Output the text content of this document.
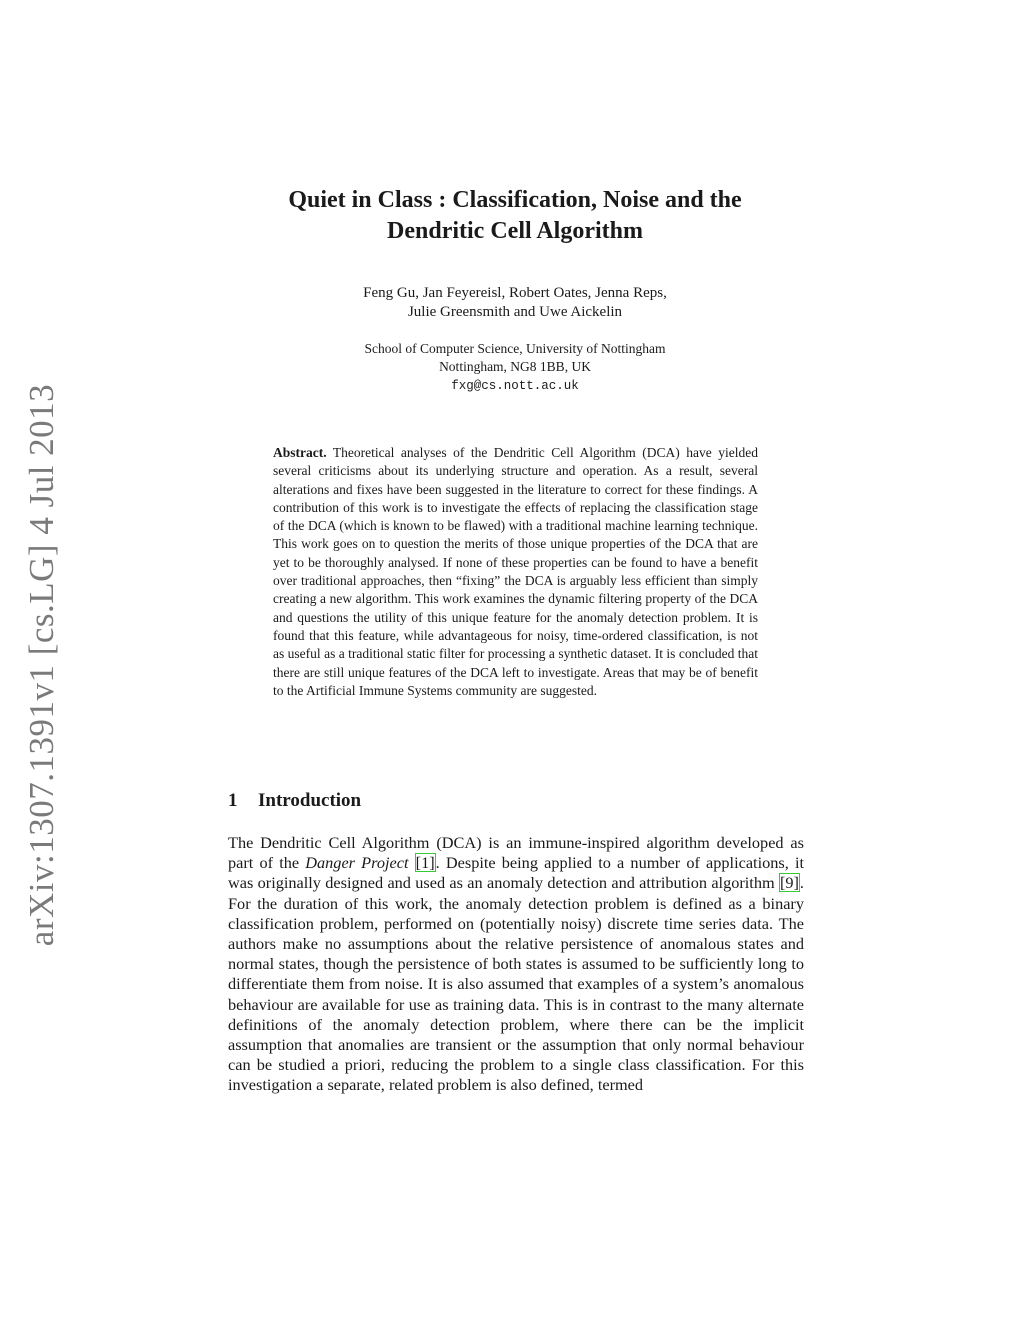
arXiv:1307.1391v1 [cs.LG] 4 Jul 2013
Quiet in Class : Classification, Noise and the
Dendritic Cell Algorithm

Feng Gu, Jan Feyereisl, Robert Oates, Jenna Reps,
Julie Greensmith and Uwe Aickelin

School of Computer Science, University of Nottingham
Nottingham, NG8 1BB, UK
fxg@cs.nott.ac.uk

Abstract. Theoretical analyses of the Dendritic Cell Algorithm (DCA) have yielded several criticisms about its underlying structure and operation. As a result, several alterations and fixes have been suggested in the literature to correct for these findings. A contribution of this work is to investigate the effects of replacing the classification stage of the DCA (which is known to be flawed) with a traditional machine learning technique. This work goes on to question the merits of those unique properties of the DCA that are yet to be thoroughly analysed. If none of these properties can be found to have a benefit over traditional approaches, then “fixing” the DCA is arguably less efficient than simply creating a new algorithm. This work examines the dynamic filtering property of the DCA and questions the utility of this unique feature for the anomaly detection problem. It is found that this feature, while advantageous for noisy, time-ordered classification, is not as useful as a traditional static filter for processing a synthetic dataset. It is concluded that there are still unique features of the DCA left to investigate. Areas that may be of benefit to the Artificial Immune Systems community are suggested.

1 Introduction

The Dendritic Cell Algorithm (DCA) is an immune-inspired algorithm developed as part of the Danger Project [1]. Despite being applied to a number of applications, it was originally designed and used as an anomaly detection and attribution algorithm [9]. For the duration of this work, the anomaly detection problem is defined as a binary classification problem, performed on (potentially noisy) discrete time series data. The authors make no assumptions about the relative persistence of anomalous states and normal states, though the persistence of both states is assumed to be sufficiently long to differentiate them from noise. It is also assumed that examples of a system’s anomalous behaviour are available for use as training data. This is in contrast to the many alternate definitions of the anomaly detection problem, where there can be the implicit assumption that anomalies are transient or the assumption that only normal behaviour can be studied a priori, reducing the problem to a single class classification. For this investigation a separate, related problem is also defined, termed
